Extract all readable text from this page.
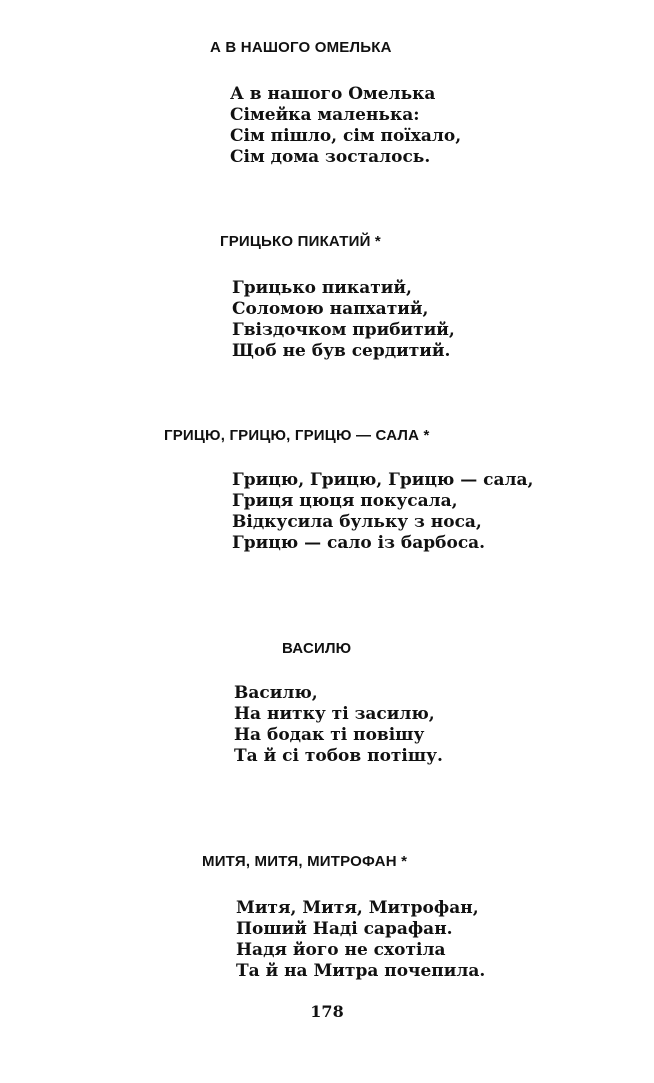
А В НАШОГО ОМЕЛЬКА
А в нашого Омелька
Сімейка маленька:
Сім пішло, сім поїхало,
Сім дома зосталось.
ГРИЦЬКО ПИКАТИЙ *
Грицько пикатий,
Соломою напхатий,
Гвіздочком прибитий,
Щоб не був сердитий.
ГРИЦЮ, ГРИЦЮ, ГРИЦЮ — САЛА *
Грицю, Грицю, Грицю — сала,
Гриця цюця покусала,
Відкусила бульку з носа,
Грицю — сало із барбоса.
ВАСИЛЮ
Василю,
На нитку ті засилю,
На бодак ті повішу
Та й сі тобов потішу.
МИТЯ, МИТЯ, МИТРОФАН *
Митя, Митя, Митрофан,
Поший Наді сарафан.
Надя його не схотіла
Та й на Митра почепила.
178
